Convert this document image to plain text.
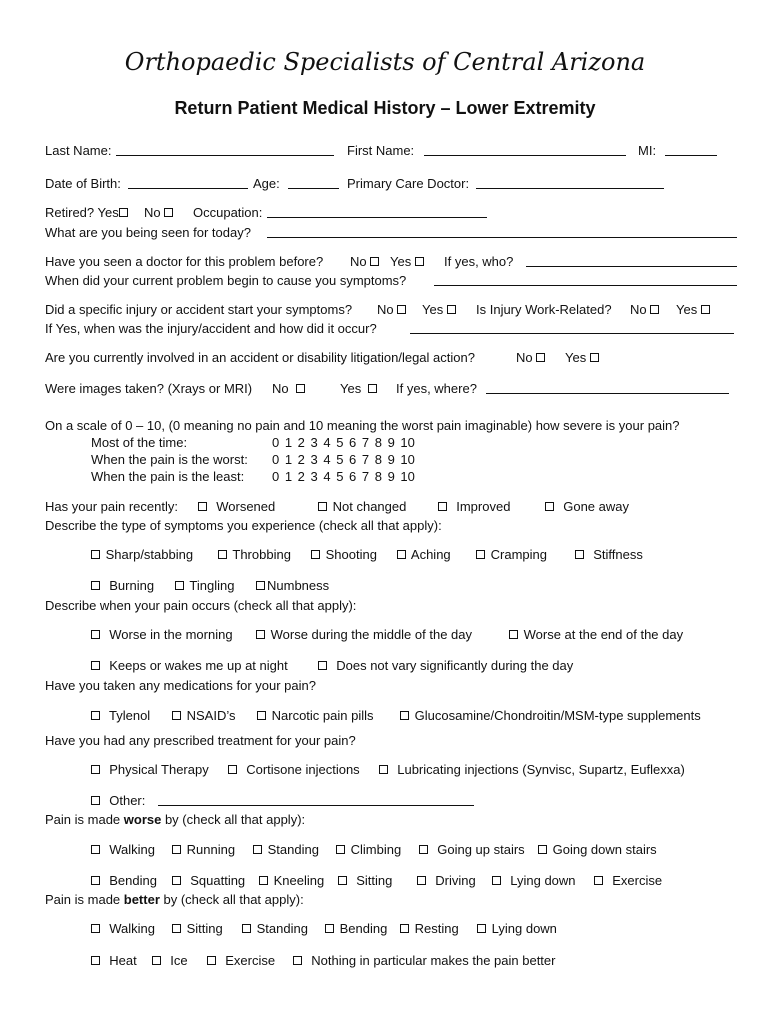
Orthopaedic Specialists of Central Arizona
Return Patient Medical History – Lower Extremity
Last Name:	First Name:	MI:
Date of Birth:	Age:	Primary Care Doctor:
Retired? Yes	No	Occupation:
What are you being seen for today?
Have you seen a doctor for this problem before? No	Yes	If yes, who?
When did your current problem begin to cause you symptoms?
Did a specific injury or accident start your symptoms? No	Yes	Is Injury Work-Related? No	Yes
If Yes, when was the injury/accident and how did it occur?
Are you currently involved in an accident or disability litigation/legal action?	No	Yes
Were images taken? (Xrays or MRI) No	Yes	If yes, where?
On a scale of 0 – 10, (0 meaning no pain and 10 meaning the worst pain imaginable) how severe is your pain?
Most of the time:	0 1 2 3 4 5 6 7 8 9 10
When the pain is the worst: 0 1 2 3 4 5 6 7 8 9 10
When the pain is the least: 0 1 2 3 4 5 6 7 8 9 10
Has your pain recently:	Worsened	Not changed	Improved	Gone away
Describe the type of symptoms you experience (check all that apply):
Sharp/stabbing	Throbbing	Shooting	Aching	Cramping	Stiffness
Burning	Tingling	Numbness
Describe when your pain occurs (check all that apply):
Worse in the morning	Worse during the middle of the day	Worse at the end of the day
Keeps or wakes me up at night	Does not vary significantly during the day
Have you taken any medications for your pain?
Tylenol	NSAID’s	Narcotic pain pills	Glucosamine/Chondroitin/MSM-type supplements
Have you had any prescribed treatment for your pain?
Physical Therapy	Cortisone injections	Lubricating injections (Synvisc, Supartz, Euflexxa)
Other:
Pain is made worse by (check all that apply):
Walking	Running	Standing	Climbing	Going up stairs	Going down stairs
Bending	Squatting	Kneeling	Sitting	Driving	Lying down	Exercise
Pain is made better by (check all that apply):
Walking	Sitting	Standing	Bending	Resting	Lying down
Heat	Ice	Exercise	Nothing in particular makes the pain better
